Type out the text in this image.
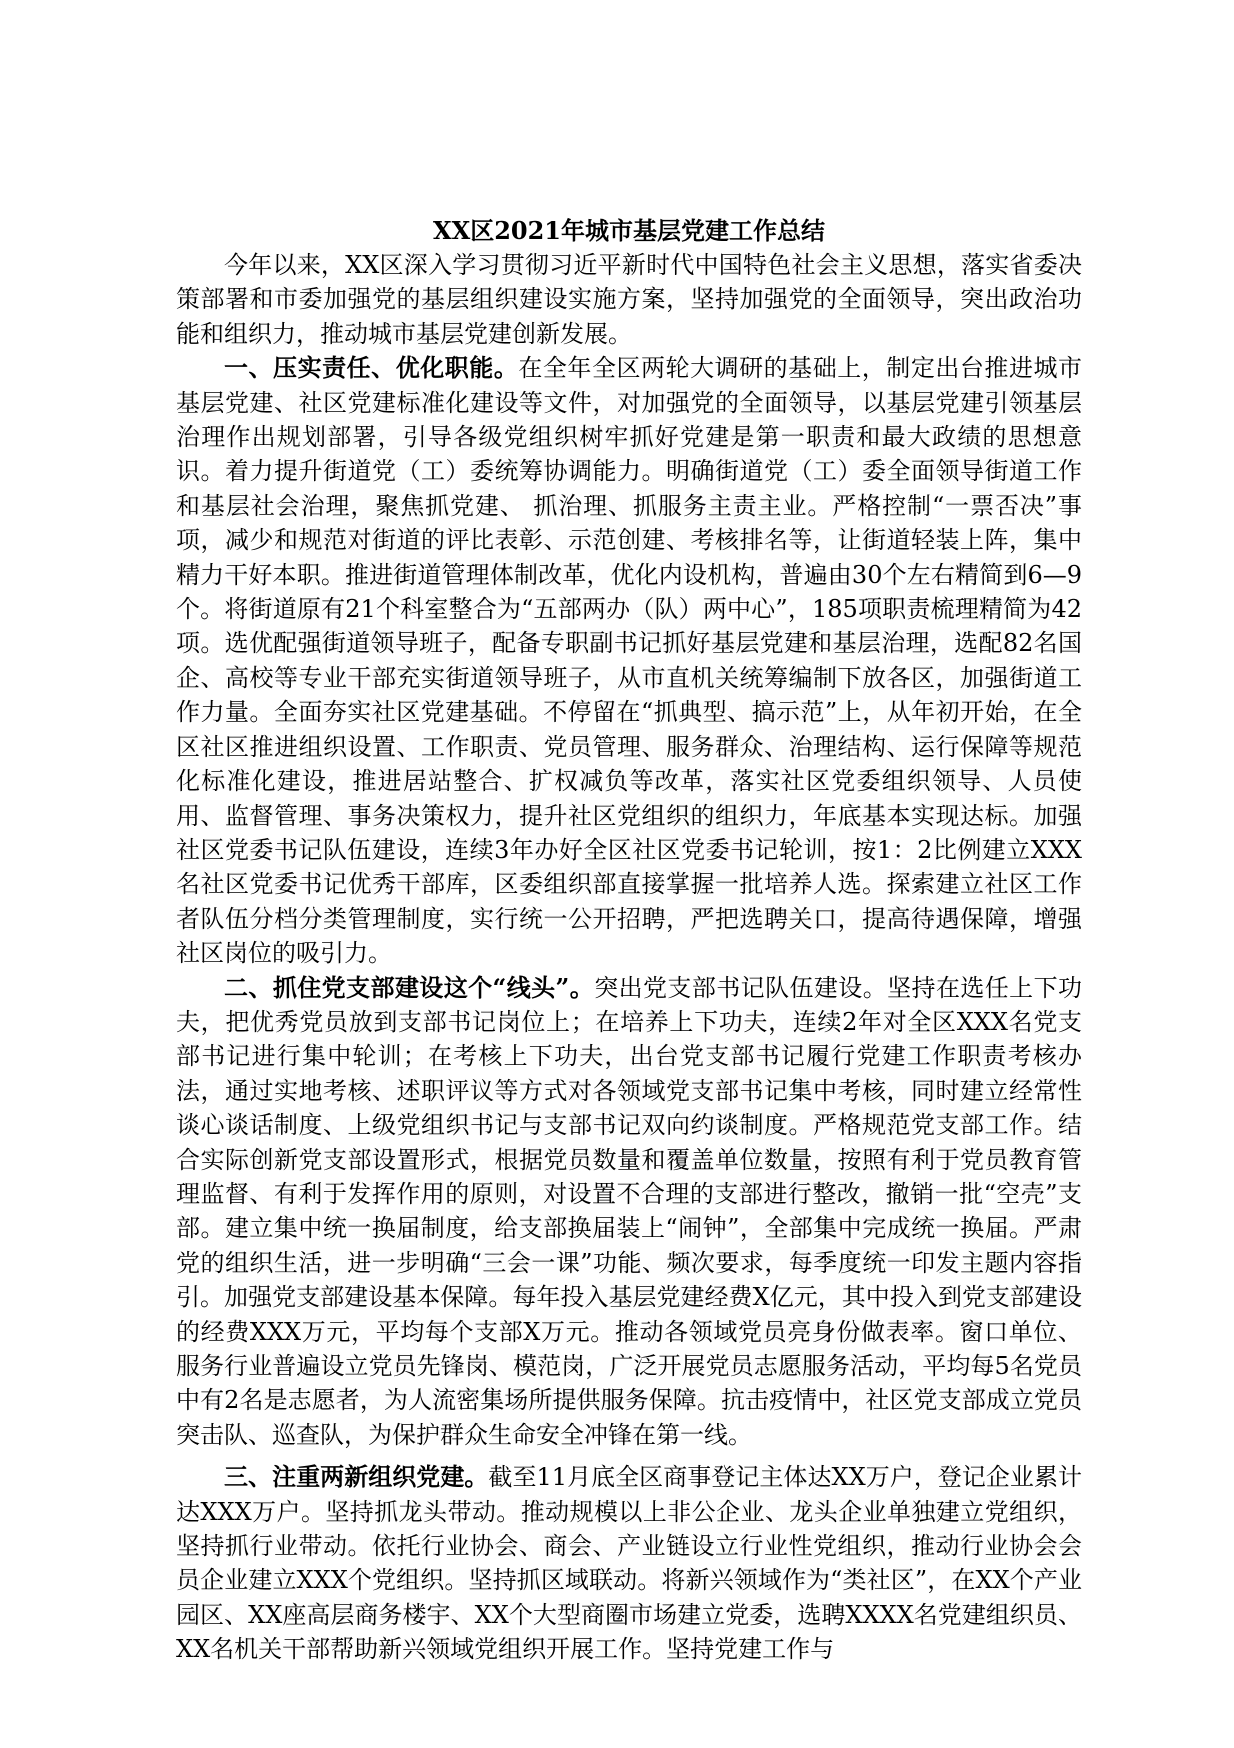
XX区2021年城市基层党建工作总结

今年以来，XX区深入学习贯彻习近平新时代中国特色社会主义思想，落实省委决策部署和市委加强党的基层组织建设实施方案，坚持加强党的全面领导，突出政治功能和组织力，推动城市基层党建创新发展。

一、压实责任、优化职能。在全年全区两轮大调研的基础上，制定出台推进城市基层党建、社区党建标准化建设等文件，对加强党的全面领导，以基层党建引领基层治理作出规划部署，引导各级党组织树牢抓好党建是第一职责和最大政绩的思想意识。着力提升街道党（工）委统筹协调能力。明确街道党（工）委全面领导街道工作和基层社会治理，聚焦抓党建、 抓治理、抓服务主责主业。严格控制“一票否决”事项，减少和规范对街道的评比表彰、示范创建、考核排名等，让街道轻装上阵，集中精力干好本职。推进街道管理体制改革，优化内设机构，普遍由30个左右精简到6—9个。将街道原有21个科室整合为“五部两办（队）两中心”，185项职责梳理精简为42项。选优配强街道领导班子，配备专职副书记抓好基层党建和基层治理，选配82名国企、高校等专业干部充实街道领导班子，从市直机关统筹编制下放各区，加强街道工作力量。全面夯实社区党建基础。不停留在“抓典型、搞示范”上，从年初开始，在全区社区推进组织设置、工作职责、党员管理、服务群众、治理结构、运行保障等规范化标准化建设，推进居站整合、扩权减负等改革，落实社区党委组织领导、人员使用、监督管理、事务决策权力，提升社区党组织的组织力，年底基本实现达标。加强社区党委书记队伍建设，连续3年办好全区社区党委书记轮训，按1：2比例建立XXX名社区党委书记优秀干部库，区委组织部直接掌握一批培养人选。探索建立社区工作者队伍分档分类管理制度，实行统一公开招聘，严把选聘关口，提高待遇保障，增强社区岗位的吸引力。

二、抓住党支部建设这个“线头”。突出党支部书记队伍建设。坚持在选任上下功夫，把优秀党员放到支部书记岗位上；在培养上下功夫，连续2年对全区XXX名党支部书记进行集中轮训；在考核上下功夫，出台党支部书记履行党建工作职责考核办法，通过实地考核、述职评议等方式对各领域党支部书记集中考核，同时建立经常性谈心谈话制度、上级党组织书记与支部书记双向约谈制度。严格规范党支部工作。结合实际创新党支部设置形式，根据党员数量和覆盖单位数量，按照有利于党员教育管理监督、有利于发挥作用的原则，对设置不合理的支部进行整改，撤销一批“空壳”支部。建立集中统一换届制度，给支部换届装上“闹钟”，全部集中完成统一换届。严肃党的组织生活，进一步明确“三会一课”功能、频次要求，每季度统一印发主题内容指引。加强党支部建设基本保障。每年投入基层党建经费X亿元，其中投入到党支部建设的经费XXX万元，平均每个支部X万元。推动各领域党员亮身份做表率。窗口单位、服务行业普遍设立党员先锋岗、模范岗，广泛开展党员志愿服务活动，平均每5名党员中有2名是志愿者，为人流密集场所提供服务保障。抗击疫情中，社区党支部成立党员突击队、巡查队，为保护群众生命安全冲锋在第一线。

三、注重两新组织党建。截至11月底全区商事登记主体达XX万户，登记企业累计达XXX万户。坚持抓龙头带动。推动规模以上非公企业、龙头企业单独建立党组织，坚持抓行业带动。依托行业协会、商会、产业链设立行业性党组织，推动行业协会会员企业建立XXX个党组织。坚持抓区域联动。将新兴领域作为“类社区”，在XX个产业园区、XX座高层商务楼宇、XX个大型商圈市场建立党委，选聘XXXX名党建组织员、XX名机关干部帮助新兴领域党组织开展工作。坚持党建工作与
